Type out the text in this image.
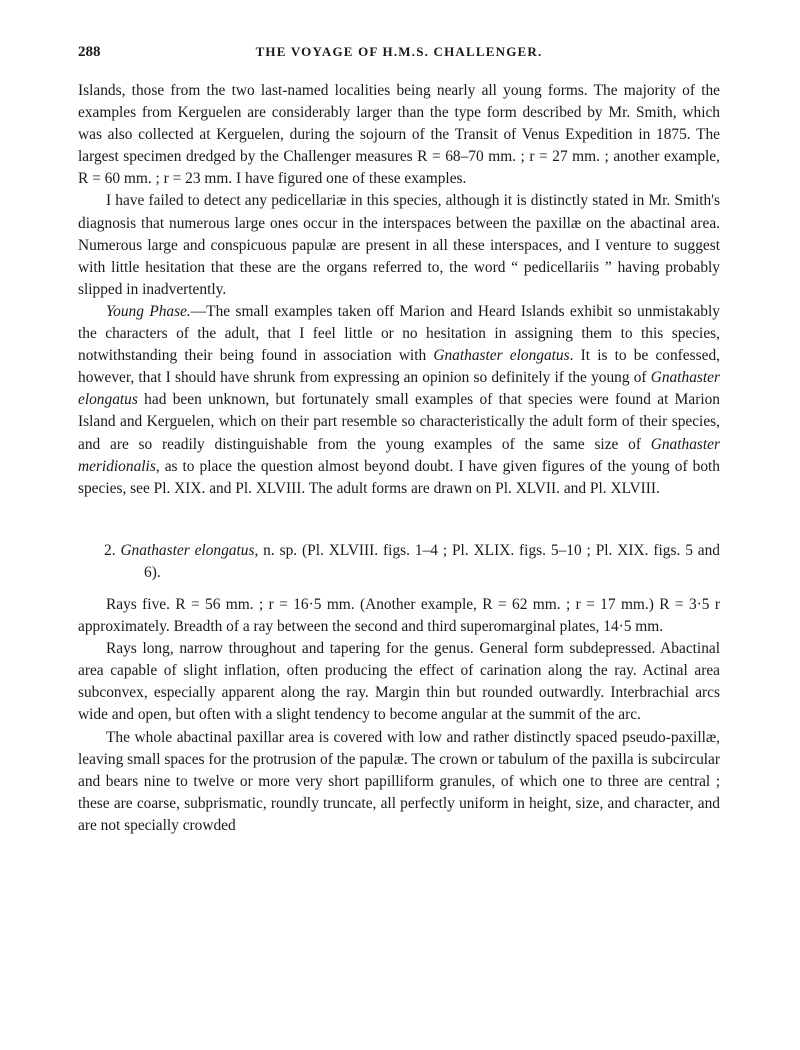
288	THE VOYAGE OF H.M.S. CHALLENGER.

Islands, those from the two last-named localities being nearly all young forms. The majority of the examples from Kerguelen are considerably larger than the type form described by Mr. Smith, which was also collected at Kerguelen, during the sojourn of the Transit of Venus Expedition in 1875. The largest specimen dredged by the Challenger measures R = 68–70 mm. ; r = 27 mm. ; another example, R = 60 mm. ; r = 23 mm. I have figured one of these examples.

I have failed to detect any pedicellariæ in this species, although it is distinctly stated in Mr. Smith's diagnosis that numerous large ones occur in the interspaces between the paxillæ on the abactinal area. Numerous large and conspicuous papulæ are present in all these interspaces, and I venture to suggest with little hesitation that these are the organs referred to, the word “ pedicellariis ” having probably slipped in inadvertently.

Young Phase.—The small examples taken off Marion and Heard Islands exhibit so unmistakably the characters of the adult, that I feel little or no hesitation in assigning them to this species, notwithstanding their being found in association with Gnathaster elongatus. It is to be confessed, however, that I should have shrunk from expressing an opinion so definitely if the young of Gnathaster elongatus had been unknown, but fortunately small examples of that species were found at Marion Island and Kerguelen, which on their part resemble so characteristically the adult form of their species, and are so readily distinguishable from the young examples of the same size of Gnathaster meridionalis, as to place the question almost beyond doubt. I have given figures of the young of both species, see Pl. XIX. and Pl. XLVIII. The adult forms are drawn on Pl. XLVII. and Pl. XLVIII.

2. Gnathaster elongatus, n. sp. (Pl. XLVIII. figs. 1–4 ; Pl. XLIX. figs. 5–10 ; Pl. XIX. figs. 5 and 6).

Rays five. R = 56 mm. ; r = 16·5 mm. (Another example, R = 62 mm. ; r = 17 mm.) R = 3·5 r approximately. Breadth of a ray between the second and third superomarginal plates, 14·5 mm.

Rays long, narrow throughout and tapering for the genus. General form subdepressed. Abactinal area capable of slight inflation, often producing the effect of carination along the ray. Actinal area subconvex, especially apparent along the ray. Margin thin but rounded outwardly. Interbrachial arcs wide and open, but often with a slight tendency to become angular at the summit of the arc.

The whole abactinal paxillar area is covered with low and rather distinctly spaced pseudo-paxillæ, leaving small spaces for the protrusion of the papulæ. The crown or tabulum of the paxilla is subcircular and bears nine to twelve or more very short papilliform granules, of which one to three are central ; these are coarse, subprismatic, roundly truncate, all perfectly uniform in height, size, and character, and are not specially crowded
